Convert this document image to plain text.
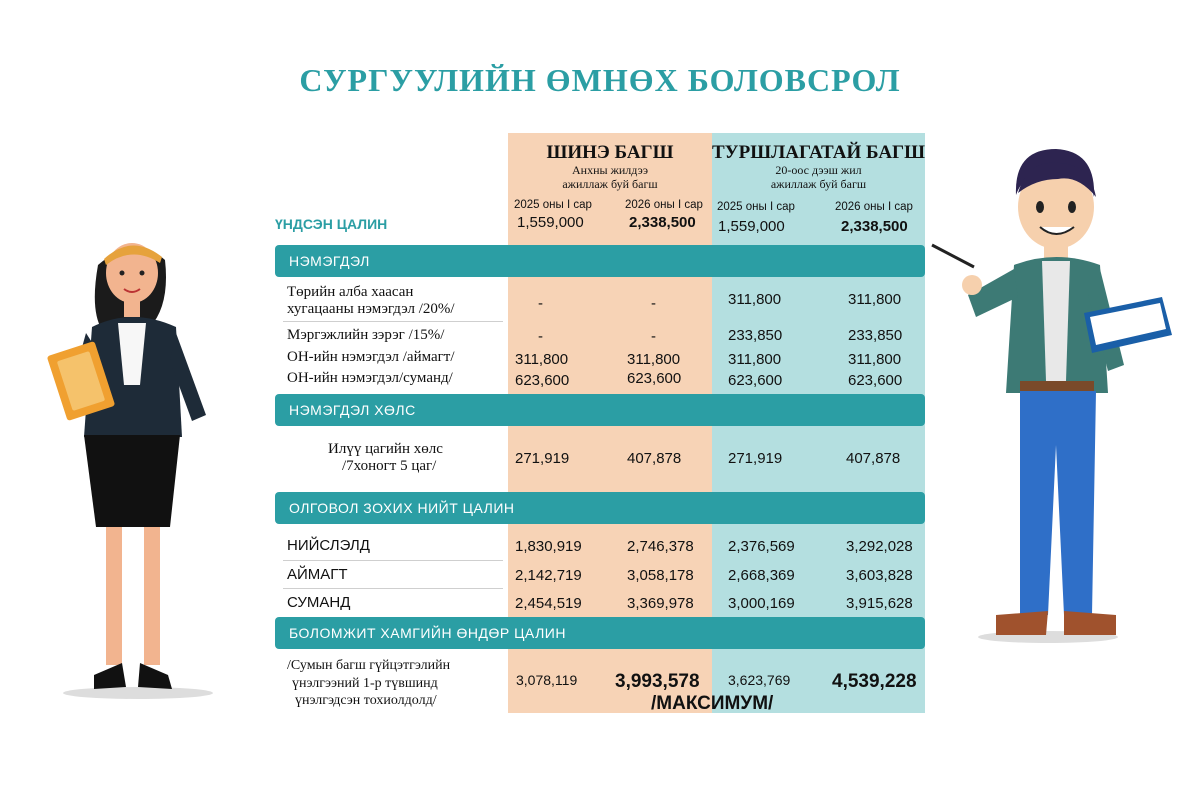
СУРГУУЛИЙН ӨМНӨХ БОЛОВСРОЛ
ШИНЭ БАГШ
Анхны жилдээ
ажиллаж буй багш
ТУРШЛАГАТАЙ БАГШ
20-оос дээш жил
ажиллаж буй багш
2025 оны I сар	2026 оны I сар 2025 оны I сар	2026 оны I сар
ҮНДСЭН ЦАЛИН	1,559,000	2,338,500 1,559,000	2,338,500
НЭМЭГДЭЛ
Төрийн алба хаасан
хугацааны нэмэгдэл /20%/	-	-	311,800	311,800
Мэргэжлийн зэрэг /15%/	-	-	233,850	233,850
ОН-ийн нэмэгдэл /аймагт/	311,800	311,800	311,800	311,800
ОН-ийн нэмэгдэл/суманд/	623,600	623,600	623,600	623,600
НЭМЭГДЭЛ ХӨЛС
Илүү цагийн хөлс
/7хоногт 5 цаг/	271,919	407,878	271,919	407,878
ОЛГОВОЛ ЗОХИХ НИЙТ ЦАЛИН
НИЙСЛЭЛД	1,830,919	2,746,378 2,376,569	3,292,028
АЙМАГТ	2,142,719	3,058,178 2,668,369	3,603,828
СУМАНД	2,454,519	3,369,978 3,000,169	3,915,628
БОЛОМЖИТ ХАМГИЙН ӨНДӨР ЦАЛИН
/Сумын багш гүйцэтгэлийн
үнэлгээний 1-р түвшинд
үнэлгэдсэн тохиолдолд/
3,078,119 3,993,578 3,623,769 4,539,228
/МАКСИМУМ/
